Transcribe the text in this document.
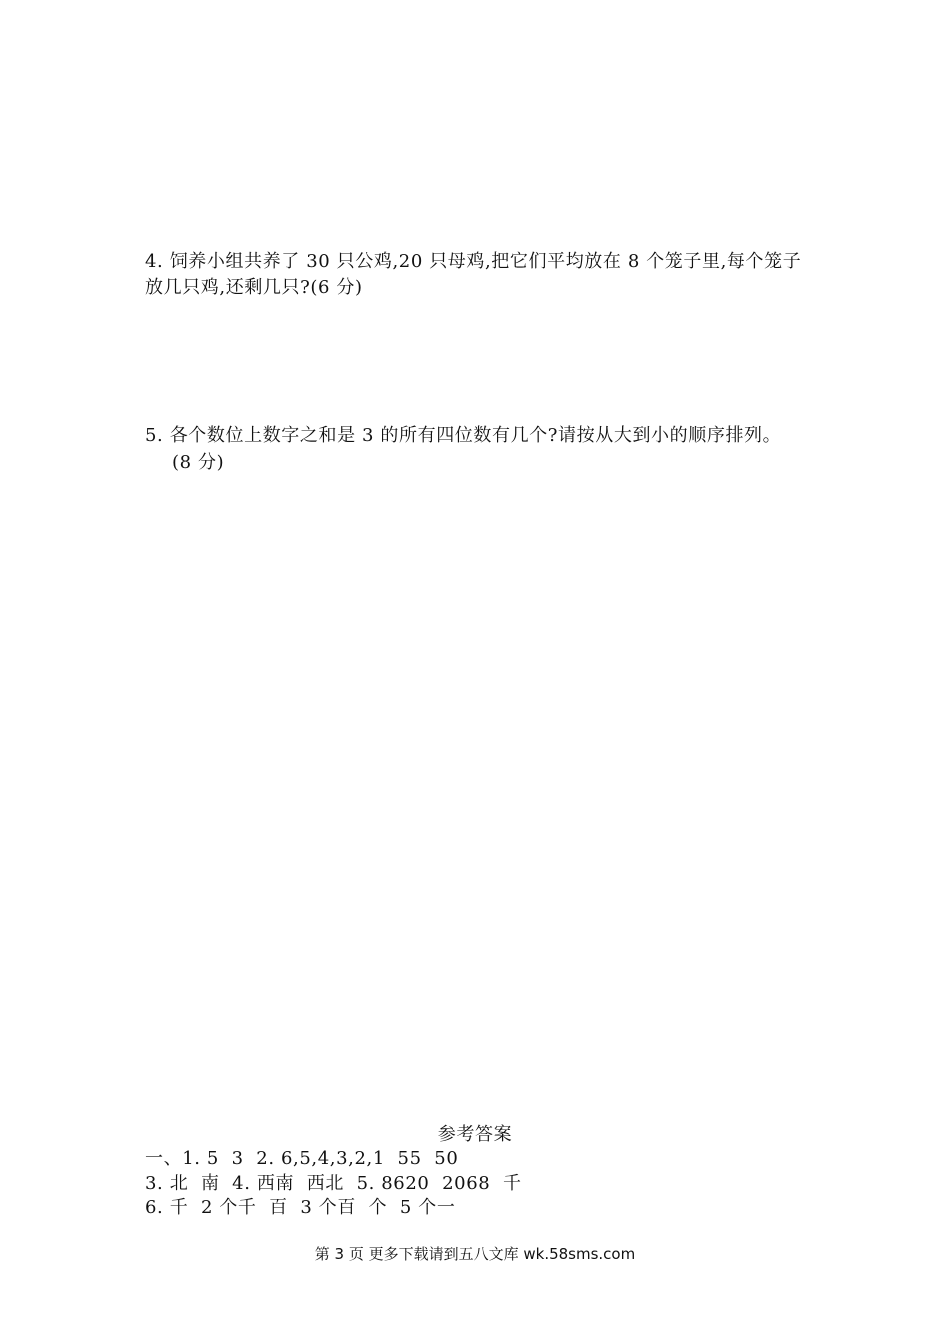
4. 饲养小组共养了 30 只公鸡,20 只母鸡,把它们平均放在 8 个笼子里,每个笼子
放几只鸡,还剩几只?(6 分)
5. 各个数位上数字之和是 3 的所有四位数有几个?请按从大到小的顺序排列。
(8 分)
参考答案
一、1. 5  3  2. 6,5,4,3,2,1  55  50
3. 北  南  4. 西南  西北  5. 8620  2068  千
6. 千  2 个千  百  3 个百  个  5 个一
第 3 页 更多下载请到五八文库 wk.58sms.com
